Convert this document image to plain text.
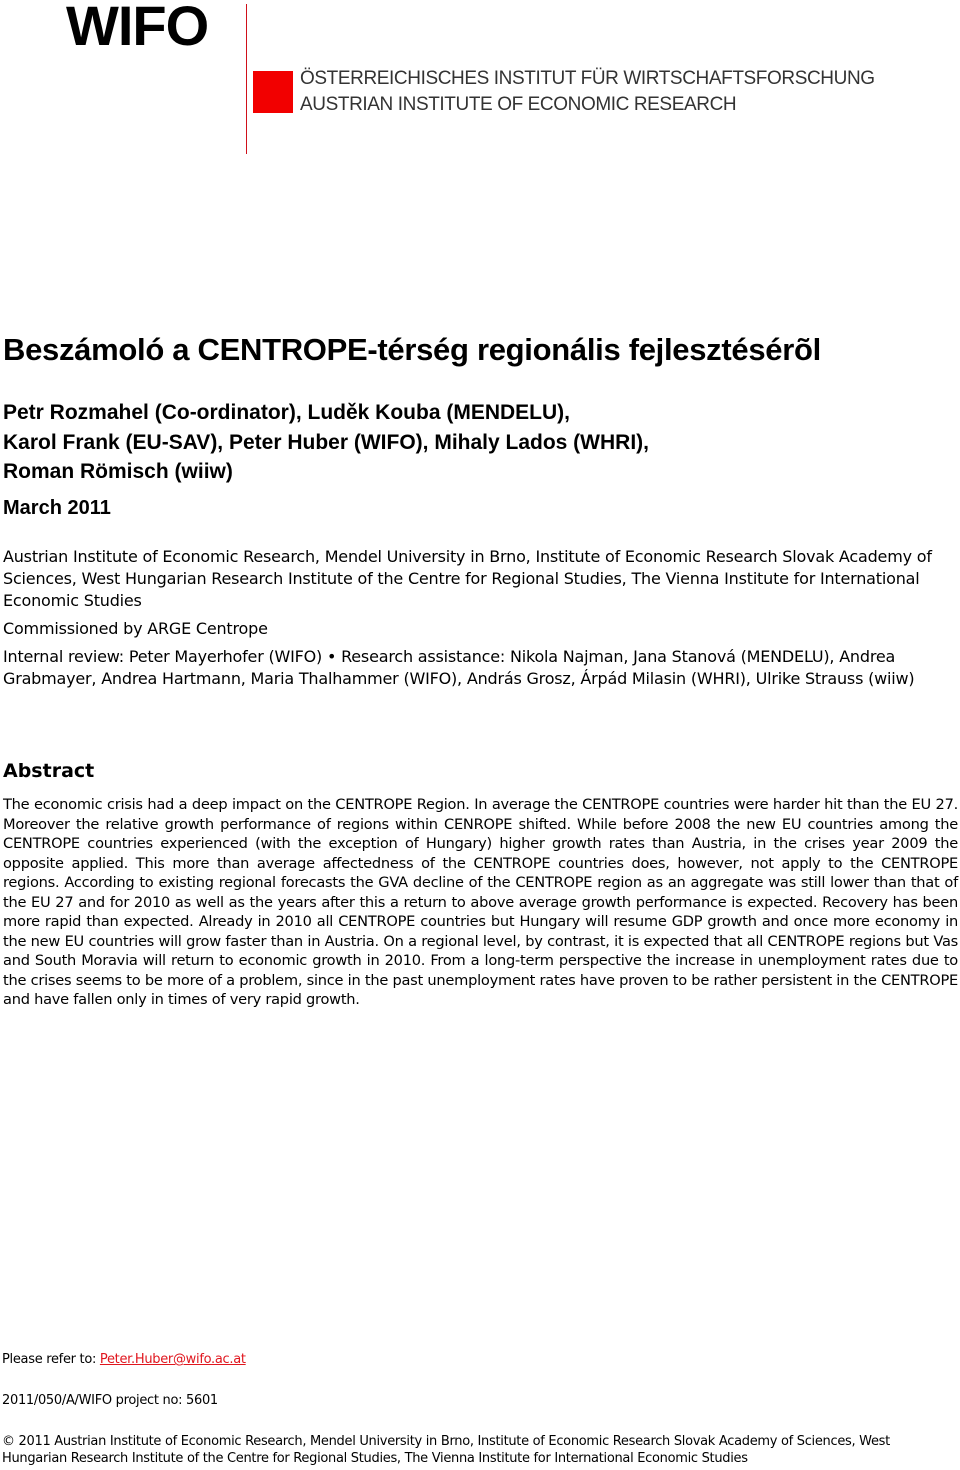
WIFO
ÖSTERREICHISCHES INSTITUT FÜR WIRTSCHAFTSFORSCHUNG
AUSTRIAN INSTITUTE OF ECONOMIC RESEARCH
Beszámoló a CENTROPE-térség regionális fejlesztésérõl
Petr Rozmahel (Co-ordinator), Luděk Kouba (MENDELU),
Karol Frank (EU-SAV), Peter Huber (WIFO), Mihaly Lados (WHRI),
Roman Römisch (wiiw)
March 2011
Austrian Institute of Economic Research, Mendel University in Brno, Institute of Economic Research Slovak Academy of Sciences, West Hungarian Research Institute of the Centre for Regional Studies, The Vienna Institute for International Economic Studies
Commissioned by ARGE Centrope
Internal review: Peter Mayerhofer (WIFO) • Research assistance: Nikola Najman, Jana Stanová (MENDELU), Andrea Grabmayer, Andrea Hartmann, Maria Thalhammer (WIFO), András Grosz, Árpád Milasin (WHRI), Ulrike Strauss (wiiw)
Abstract
The economic crisis had a deep impact on the CENTROPE Region. In average the CENTROPE countries were harder hit than the EU 27. Moreover the relative growth performance of regions within CENROPE shifted. While before 2008 the new EU countries among the CENTROPE countries experienced (with the exception of Hungary) higher growth rates than Austria, in the crises year 2009 the opposite applied. This more than average affectedness of the CENTROPE countries does, however, not apply to the CENTROPE regions. According to existing regional forecasts the GVA decline of the CENTROPE region as an aggregate was still lower than that of the EU 27 and for 2010 as well as the years after this a return to above average growth performance is expected. Recovery has been more rapid than expected. Already in 2010 all CENTROPE countries but Hungary will resume GDP growth and once more economy in the new EU countries will grow faster than in Austria. On a regional level, by contrast, it is expected that all CENTROPE regions but Vas and South Moravia will return to economic growth in 2010. From a long-term perspective the increase in unemployment rates due to the crises seems to be more of a problem, since in the past unemployment rates have proven to be rather persistent in the CENTROPE and have fallen only in times of very rapid growth.
Please refer to: Peter.Huber@wifo.ac.at
2011/050/A/WIFO project no: 5601
© 2011 Austrian Institute of Economic Research, Mendel University in Brno, Institute of Economic Research Slovak Academy of Sciences, West Hungarian Research Institute of the Centre for Regional Studies, The Vienna Institute for International Economic Studies
